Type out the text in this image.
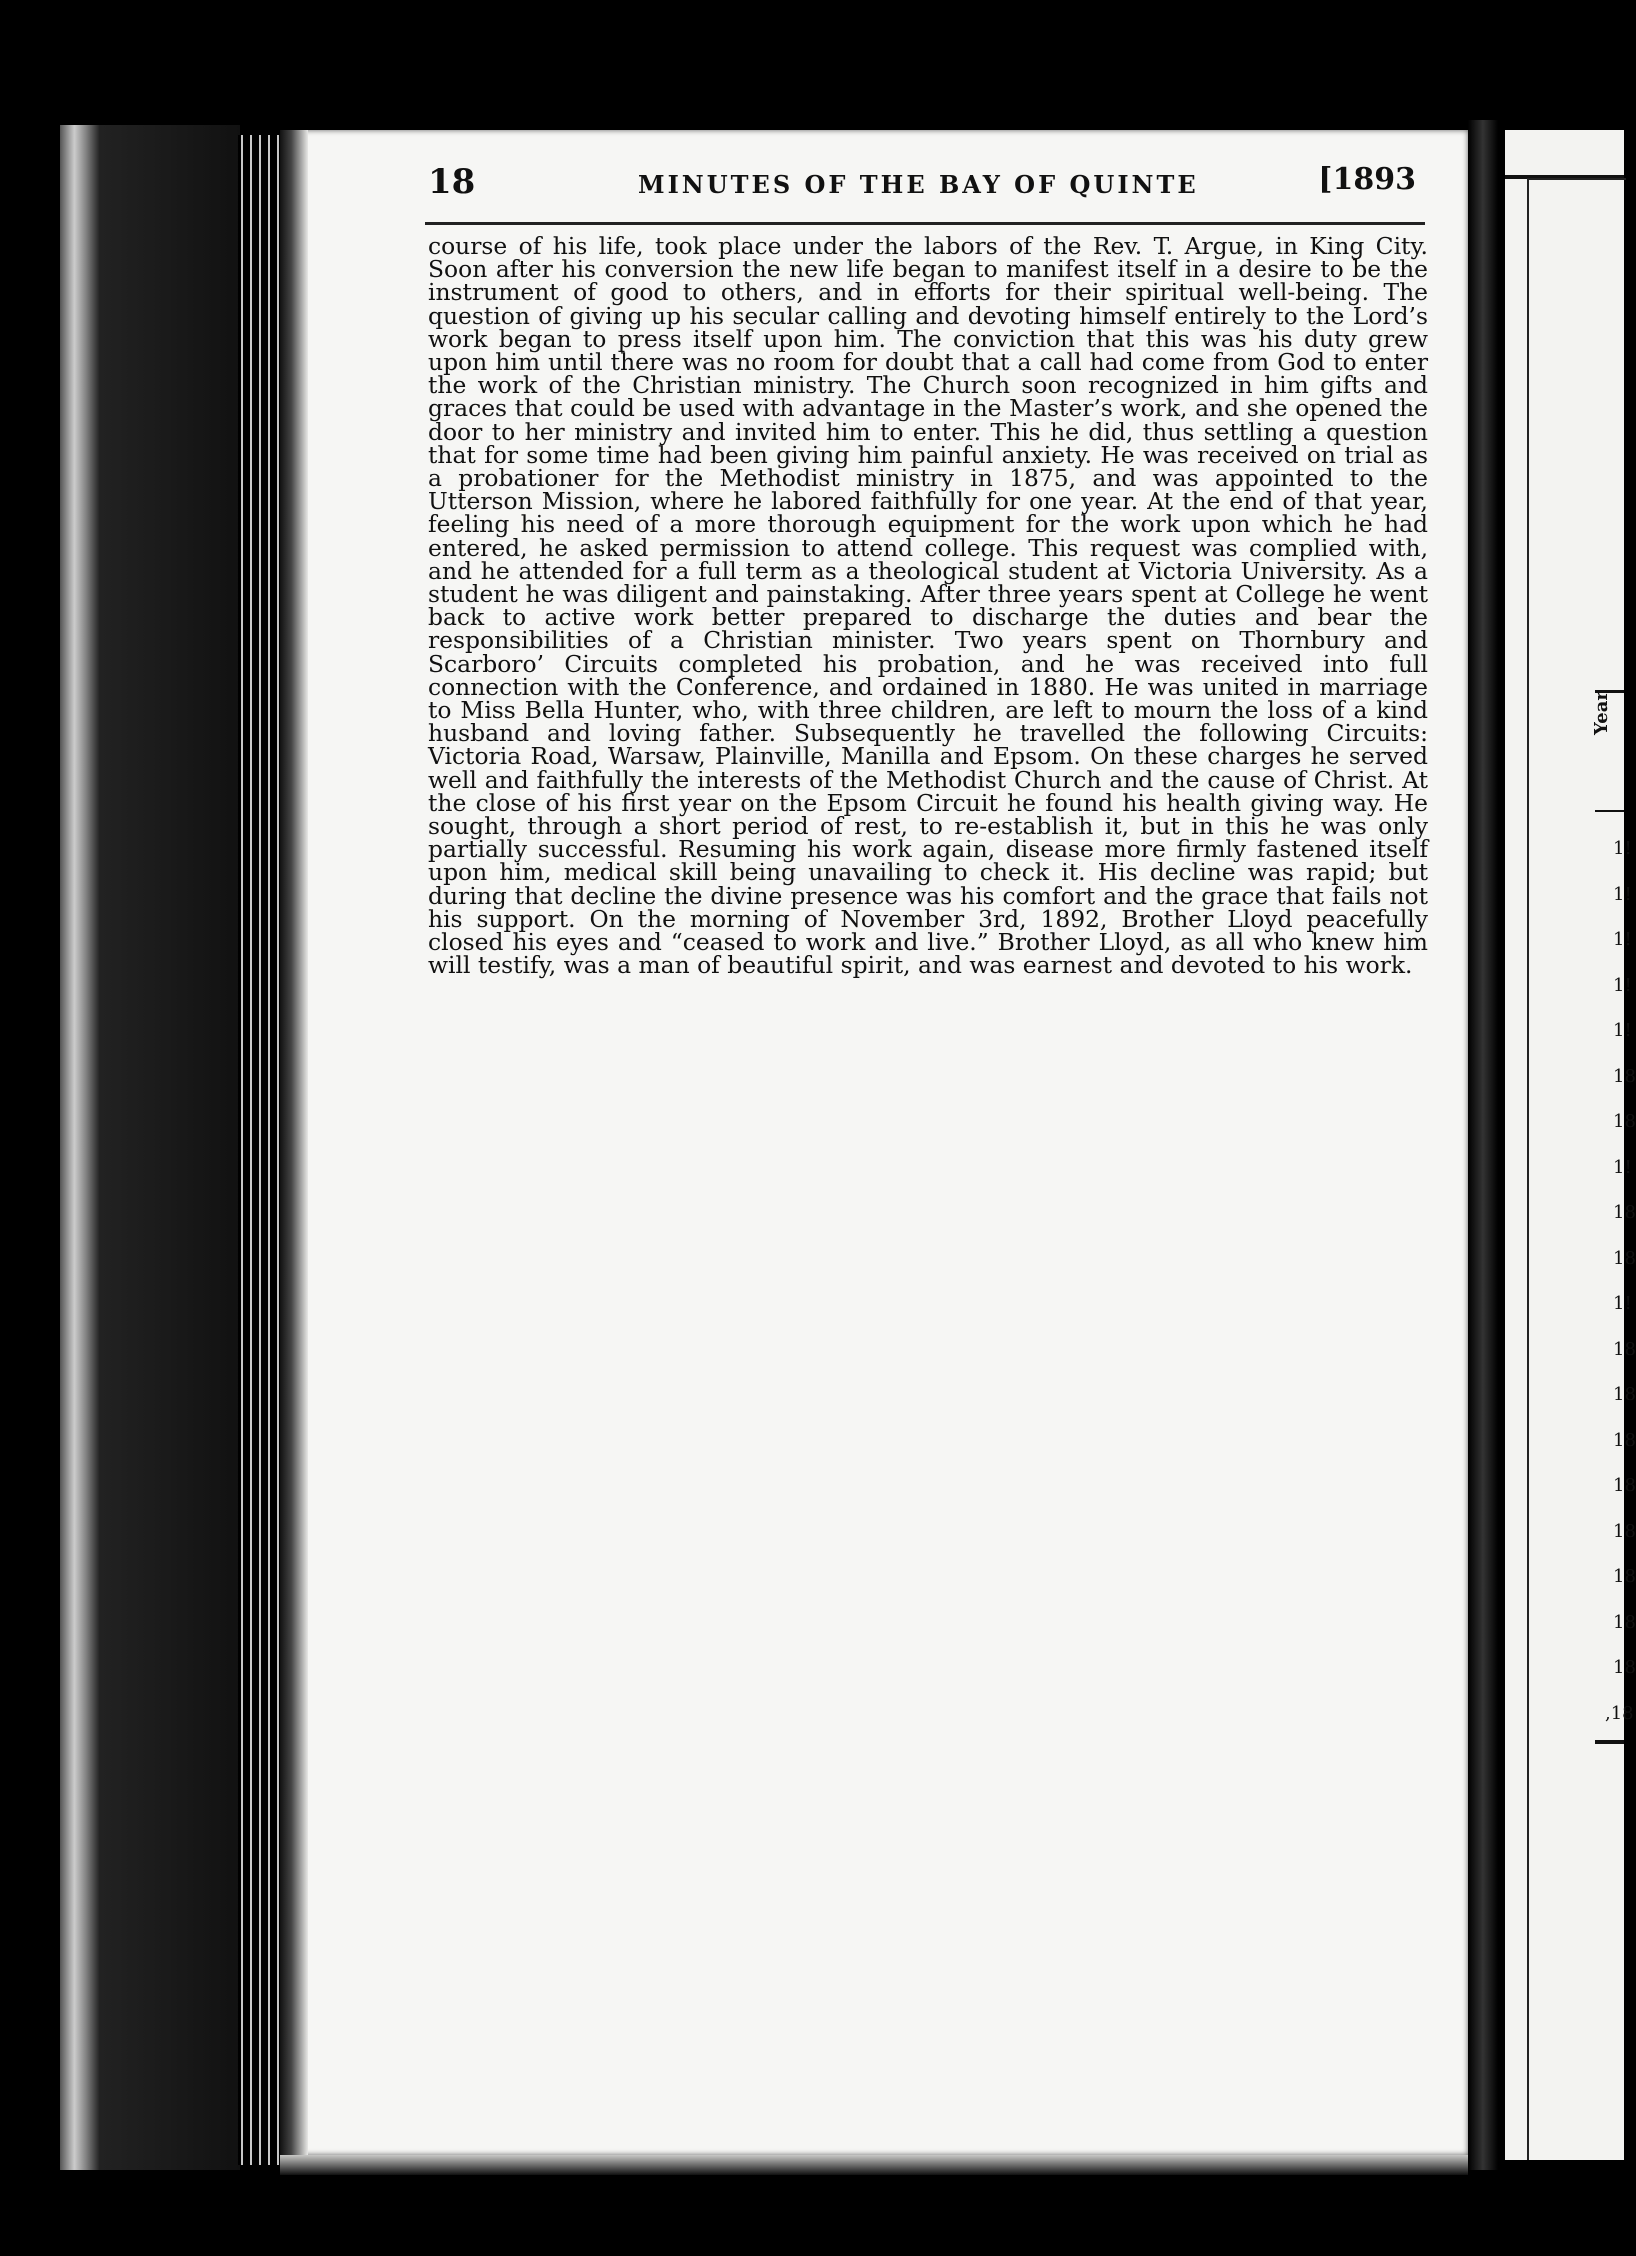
18	MINUTES OF THE BAY OF QUINTE	[1893

course of his life, took place under the labors of the Rev. T. Argue, in King City. Soon after his conversion the new life began to manifest itself in a desire to be the instrument of good to others, and in efforts for their spiritual well-being. The question of giving up his secular calling and devoting himself entirely to the Lord’s work began to press itself upon him. The conviction that this was his duty grew upon him until there was no room for doubt that a call had come from God to enter the work of the Christian ministry. The Church soon recognized in him gifts and graces that could be used with advantage in the Master’s work, and she opened the door to her ministry and invited him to enter. This he did, thus settling a question that for some time had been giving him painful anxiety. He was received on trial as a probationer for the Methodist ministry in 1875, and was appointed to the Utterson Mission, where he labored faithfully for one year. At the end of that year, feeling his need of a more thorough equipment for the work upon which he had entered, he asked permission to attend college. This request was complied with, and he attended for a full term as a theological student at Victoria University. As a student he was diligent and painstaking. After three years spent at College he went back to active work better prepared to discharge the duties and bear the responsibilities of a Christian minister. Two years spent on Thornbury and Scarboro’ Circuits completed his probation, and he was received into full connection with the Conference, and ordained in 1880. He was united in marriage to Miss Bella Hunter, who, with three children, are left to mourn the loss of a kind husband and loving father. Subsequently he travelled the following Circuits: Victoria Road, Warsaw, Plainville, Manilla and Epsom. On these charges he served well and faithfully the interests of the Methodist Church and the cause of Christ. At the close of his first year on the Epsom Circuit he found his health giving way. He sought, through a short period of rest, to re-establish it, but in this he was only partially successful. Resuming his work again, disease more firmly fastened itself upon him, medical skill being unavailing to check it. His decline was rapid; but during that decline the divine presence was his comfort and the grace that fails not his support. On the morning of November 3rd, 1892, Brother Lloyd peacefully closed his eyes and “ceased to work and live.” Brother Lloyd, as all who knew him will testify, was a man of beautiful spirit, and was earnest and devoted to his work.

Year
1!
1!
1!
1!
1!
18
18
1!
18
18
1!
18
18
18
18
18
18
18
18
,18
